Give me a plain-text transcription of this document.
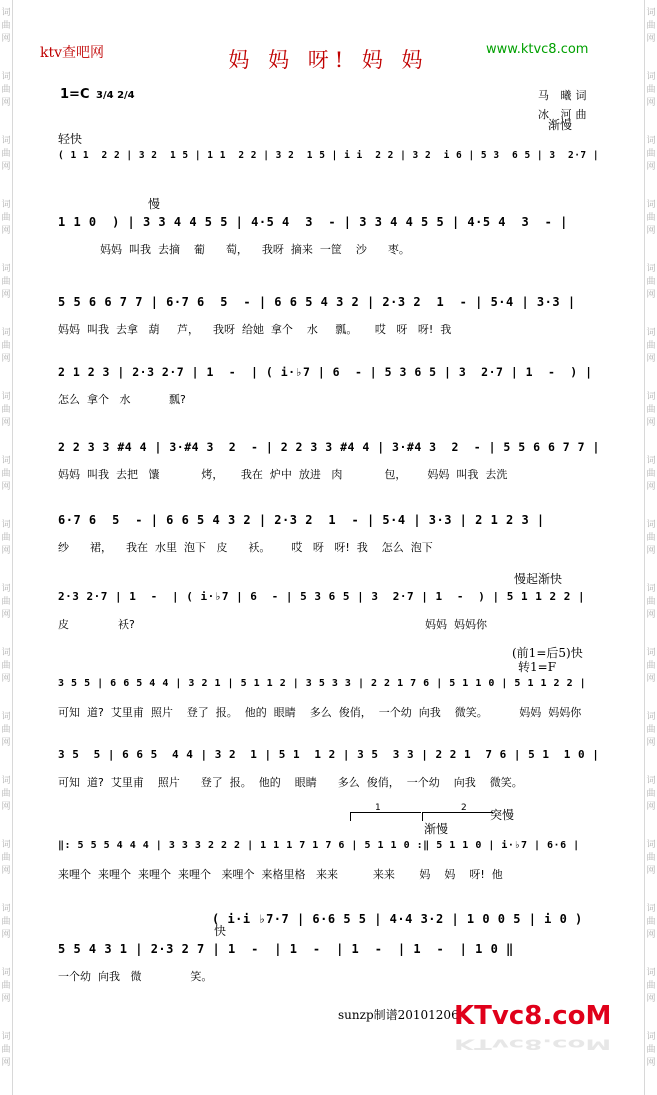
词
曲
网
词
曲
网
词
曲
网
词
曲
网
词
曲
网
词
曲
网
词
曲
网
词
曲
网
词
曲
网
词
曲
网
词
曲
网
词
曲
网
词
曲
网
词
曲
网
词
曲
网
词
曲
网
词
曲
网
词
曲
网
词
曲
网
词
曲
网
词
曲
网
词
曲
网
词
曲
网
词
曲
网
词
曲
网
词
曲
网
词
曲
网
词
曲
网
词
曲
网
词
曲
网
词
曲
网
词
曲
网
词
曲
网
词
曲
网
ktv查吧网	妈 妈 呀! 妈 妈	www.ktvc8.com
1=C 3/4 2/4	马 曦词
冰 河曲
轻快
渐慢
( 1 1  2 2 | 3 2  1 5 | 1 1  2 2 | 3 2  1 5 | i i  2 2 | 3 2  i 6 | 5 3  6 5 | 3  2·7 |
慢
1 1 0  ) | 3 3 4 4 5 5 | 4·5 4  3  - | 3 3 4 4 5 5 | 4·5 4  3  - |
妈妈  叫我  去摘    葡      萄，    我呀  摘来  一筐    沙      枣。
5 5 6 6 7 7 | 6·7 6  5  - | 6 6 5 4 3 2 | 2·3 2  1  - | 5·4 | 3·3 |
妈妈  叫我  去拿   葫     芦，    我呀  给她  拿个    水     瓢。     哎   呀   呀!  我
2 1 2 3 | 2·3 2·7 | 1  -  | ( i·♭7 | 6  - | 5 3 6 5 | 3  2·7 | 1  -  ) |
怎么  拿个   水           瓢?
2 2 3 3 #4 4 | 3·#4 3  2  - | 2 2 3 3 #4 4 | 3·#4 3  2  - | 5 5 6 6 7 7 |
妈妈  叫我  去把   馕            烤，     我在  炉中  放进   肉            包，      妈妈  叫我  去洗
6·7 6  5  - | 6 6 5 4 3 2 | 2·3 2  1  - | 5·4 | 3·3 | 2 1 2 3 |
纱      裙，    我在  水里  泡下   皮      袄。      哎   呀   呀!  我    怎么  泡下
慢起渐快
2·3 2·7 | 1  -  | ( i·♭7 | 6  - | 5 3 6 5 | 3  2·7 | 1  -  ) | 5 1 1 2 2 |
皮              袄?                                                                                   妈妈  妈妈你
转1=F
(前1=后5)快
3 5 5 | 6 6 5 4 4 | 3 2 1 | 5 1 1 2 | 3 5 3 3 | 2 2 1 7 6 | 5 1 1 0 | 5 1 1 2 2 |
可知  道?  艾里甫  照片    登了  报。  他的  眼睛    多么  俊俏，  一个幼  向我    微笑。         妈妈  妈妈你
3 5  5 | 6 6 5  4 4 | 3 2  1 | 5 1  1 2 | 3 5  3 3 | 2 2 1  7 6 | 5 1  1 0 |
可知  道?  艾里甫    照片      登了  报。  他的    眼睛      多么  俊俏，  一个幼    向我    微笑。
渐慢
突慢
‖: 5 5 5 4 4 4 | 3 3 3 2 2 2 | 1 1 1 7 1 7 6 | 5 1 1 0 :‖ 5 1 1 0 | i·♭7 | 6·6 |
来哩个  来哩个  来哩个  来哩个   来哩个  来格里格   来来          来来       妈    妈    呀!  他
快
( i·i ♭7·7 | 6·6 5 5 | 4·4 3·2 | 1 0 0 5 | i 0 )
5 5 4 3 1 | 2·3 2 7 | 1  -  | 1  -  | 1  -  | 1  -  | 1 0 ‖
一个幼  向我   微              笑。
1	2
sunzp制谱20101206.
KTvc8.coM
KTvc8.coM
